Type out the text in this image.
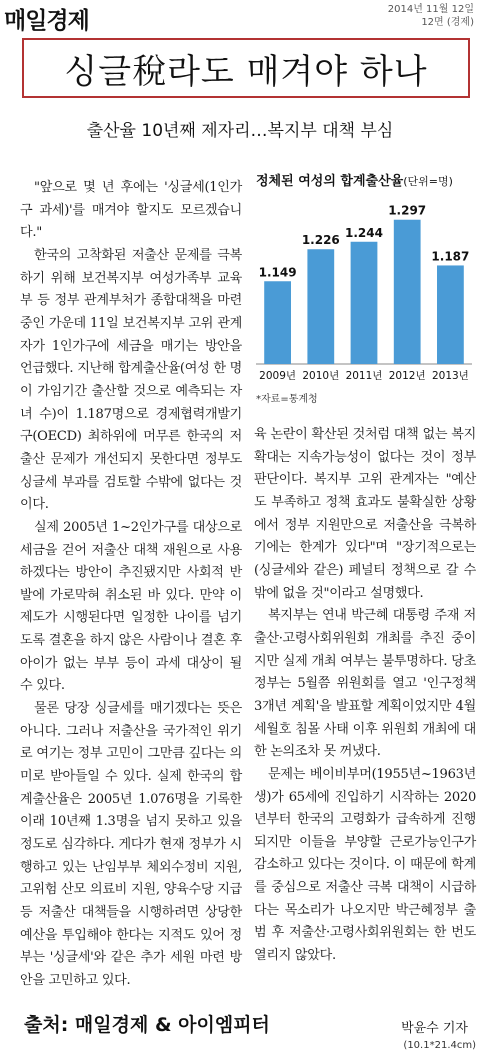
매일경제	2014년 11월 12일
12면 (경제)
싱글稅라도 매겨야 하나
출산율 10년째 제자리…복지부 대책 부심

"앞으로 몇 년 후에는 '싱글세(1인가구 과세)'를 매겨야 할지도 모르겠습니다."

한국의 고착화된 저출산 문제를 극복하기 위해 보건복지부 여성가족부 교육부 등 정부 관계부처가 종합대책을 마련 중인 가운데 11일 보건복지부 고위 관계자가 1인가구에 세금을 매기는 방안을 언급했다. 지난해 합계출산율(여성 한 명이 가임기간 출산할 것으로 예측되는 자녀 수)이 1.187명으로 경제협력개발기구(OECD) 최하위에 머무른 한국의 저출산 문제가 개선되지 못한다면 정부도 싱글세 부과를 검토할 수밖에 없다는 것이다.

실제 2005년 1~2인가구를 대상으로 세금을 걷어 저출산 대책 재원으로 사용하겠다는 방안이 추진됐지만 사회적 반발에 가로막혀 취소된 바 있다. 만약 이 제도가 시행된다면 일정한 나이를 넘기도록 결혼을 하지 않은 사람이나 결혼 후 아이가 없는 부부 등이 과세 대상이 될 수 있다.

물론 당장 싱글세를 매기겠다는 뜻은 아니다. 그러나 저출산을 국가적인 위기로 여기는 정부 고민이 그만큼 깊다는 의미로 받아들일 수 있다. 실제 한국의 합계출산율은 2005년 1.076명을 기록한 이래 10년째 1.3명을 넘지 못하고 있을 정도로 심각하다. 게다가 현재 정부가 시행하고 있는 난임부부 체외수정비 지원, 고위험 산모 의료비 지원, 양육수당 지급 등 저출산 대책들을 시행하려면 상당한 예산을 투입해야 한다는 지적도 있어 정부는 '싱글세'와 같은 추가 세원 마련 방안을 고민하고 있다.

정체된 여성의 합계출산율(단위=명)
1.149
2009년
1.226
2010년
1.244
2011년
1.297
2012년
1.187
2013년
*자료=통계청

육 논란이 확산된 것처럼 대책 없는 복지 확대는 지속가능성이 없다는 것이 정부 판단이다. 복지부 고위 관계자는 "예산도 부족하고 정책 효과도 불확실한 상황에서 정부 지원만으로 저출산을 극복하기에는 한계가 있다"며 "장기적으로는 (싱글세와 같은) 페널티 정책으로 갈 수밖에 없을 것"이라고 설명했다.

복지부는 연내 박근혜 대통령 주재 저출산·고령사회위원회 개최를 추진 중이지만 실제 개최 여부는 불투명하다. 당초 정부는 5월쯤 위원회를 열고 '인구정책 3개년 계획'을 발표할 계획이었지만 4월 세월호 침몰 사태 이후 위원회 개최에 대한 논의조차 못 꺼냈다.

문제는 베이비부머(1955년~1963년생)가 65세에 진입하기 시작하는 2020년부터 한국의 고령화가 급속하게 진행되지만 이들을 부양할 근로가능인구가 감소하고 있다는 것이다. 이 때문에 학계를 중심으로 저출산 극복 대책이 시급하다는 목소리가 나오지만 박근혜정부 출범 후 저출산·고령사회위원회는 한 번도 열리지 않았다.

박윤수 기자
출처: 매일경제 & 아이엠피터
(10.1*21.4cm)
